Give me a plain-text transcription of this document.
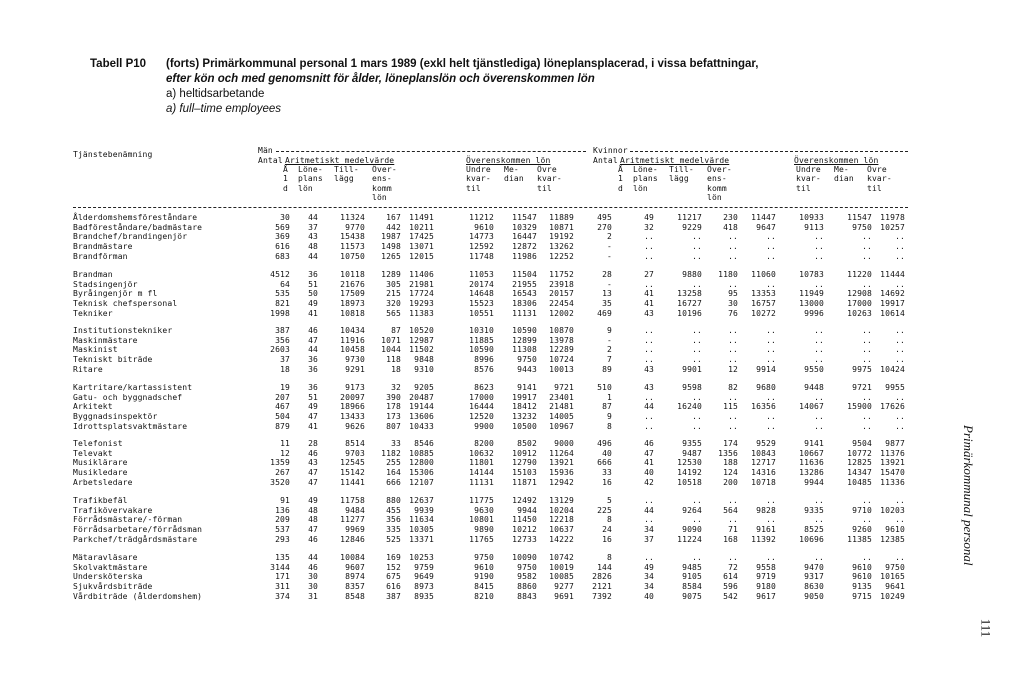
Tabell P10 (forts) Primärkommunal personal 1 mars 1989 (exkl helt tjänstlediga) löneplansplacerad, i vissa befattningar,
efter kön och med genomsnitt för ålder, löneplanslön och överenskommen lön
a) heltidsarbetande
a) full–time employees
Tjänstebenämning	Män	Kvinnor
Antal Aritmetiskt medelvärde	Överenskommen lön	Antal Aritmetiskt medelvärde	Överenskommen lön
Å
1
d
Löne-
plans
lön
Till-
lägg
Över-
ens-
komm
lön
Undre
kvar-
til
Me-
dian
Övre
kvar-
til
Å
1
d
Löne-
plans
lön
Till-
lägg
Över-
ens-
komm
lön
Undre
kvar-
til
Me-
dian
Övre
kvar-
til
Ålderdomshemsföreståndare	30	44	11324	167	11491	11212	11547	11889	495	49	11217	230	11447	10933	11547	11978
Badföreståndare/badmästare	569	37	9770	442	10211	9610	10329	10871	270	32	9229	418	9647	9113	9750	10257
Brandchef/brandingenjör	369	43	15438	1987	17425	14773	16447	19192	2	..	..	..	..	..	..	..
Brandmästare	616	48	11573	1498	13071	12592	12872	13262	-	..	..	..	..	..	..	..
Brandförman	683	44	10750	1265	12015	11748	11986	12252	-	..	..	..	..	..	..	..
Brandman	4512	36	10118	1289	11406	11053	11504	11752	28	27	9880	1180	11060	10783	11220	11444
Stadsingenjör	64	51	21676	305	21981	20174	21955	23918	-	..	..	..	..	..	..	..
Byråingenjör m fl	535	50	17509	215	17724	14648	16543	20157	13	41	13258	95	13353	11949	12908	14692
Teknisk chefspersonal	821	49	18973	320	19293	15523	18306	22454	35	41	16727	30	16757	13000	17000	19917
Tekniker	1998	41	10818	565	11383	10551	11131	12002	469	43	10196	76	10272	9996	10263	10614
Institutionstekniker	387	46	10434	87	10520	10310	10590	10870	9	..	..	..	..	..	..	..
Maskinmästare	356	47	11916	1071	12987	11885	12899	13978	-	..	..	..	..	..	..	..
Maskinist	2603	44	10458	1044	11502	10590	11308	12289	2	..	..	..	..	..	..	..
Tekniskt biträde	37	36	9730	118	9848	8996	9750	10724	7	..	..	..	..	..	..	..
Ritare	18	36	9291	18	9310	8576	9443	10013	89	43	9901	12	9914	9550	9975	10424
Kartritare/kartassistent	19	36	9173	32	9205	8623	9141	9721	510	43	9598	82	9680	9448	9721	9955
Gatu- och byggnadschef	207	51	20097	390	20487	17000	19917	23401	1	..	..	..	..	..	..	..
Arkitekt	467	49	18966	178	19144	16444	18412	21481	87	44	16240	115	16356	14067	15900	17626
Byggnadsinspektör	504	47	13433	173	13606	12520	13232	14005	9	..	..	..	..	..	..	..
Idrottsplatsvaktmästare	879	41	9626	807	10433	9900	10500	10967	8	..	..	..	..	..	..	..
Telefonist	11	28	8514	33	8546	8200	8502	9000	496	46	9355	174	9529	9141	9504	9877
Televakt	12	46	9703	1182	10885	10632	10912	11264	40	47	9487	1356	10843	10667	10772	11376
Musiklärare	1359	43	12545	255	12800	11801	12790	13921	666	41	12530	188	12717	11636	12825	13921
Musikledare	267	47	15142	164	15306	14144	15103	15936	33	40	14192	124	14316	13286	14347	15470
Arbetsledare	3520	47	11441	666	12107	11131	11871	12942	16	42	10518	200	10718	9944	10485	11336
Trafikbefäl	91	49	11758	880	12637	11775	12492	13129	5	..	..	..	..	..	..	..
Trafikövervakare	136	48	9484	455	9939	9630	9944	10204	225	44	9264	564	9828	9335	9710	10203
Förrådsmästare/-förman	209	48	11277	356	11634	10801	11450	12218	8	..	..	..	..	..	..	..
Förrådsarbetare/förrådsman	537	47	9969	335	10305	9890	10212	10637	24	34	9090	71	9161	8525	9260	9610
Parkchef/trädgårdsmästare	293	46	12846	525	13371	11765	12733	14222	16	37	11224	168	11392	10696	11385	12385
Mätaravläsare	135	44	10084	169	10253	9750	10090	10742	8	..	..	..	..	..	..	..
Skolvaktmästare	3144	46	9607	152	9759	9610	9750	10019	144	49	9485	72	9558	9470	9610	9750
Undersköterska	171	30	8974	675	9649	9190	9582	10085	2826	34	9105	614	9719	9317	9610	10165
Sjukvårdsbiträde	311	30	8357	616	8973	8415	8860	9277	2121	34	8584	596	9180	8630	9135	9641
Vårdbiträde (ålderdomshem)	374	31	8548	387	8935	8210	8843	9691	7392	40	9075	542	9617	9050	9715	10249
Primärkommunal personal
111
